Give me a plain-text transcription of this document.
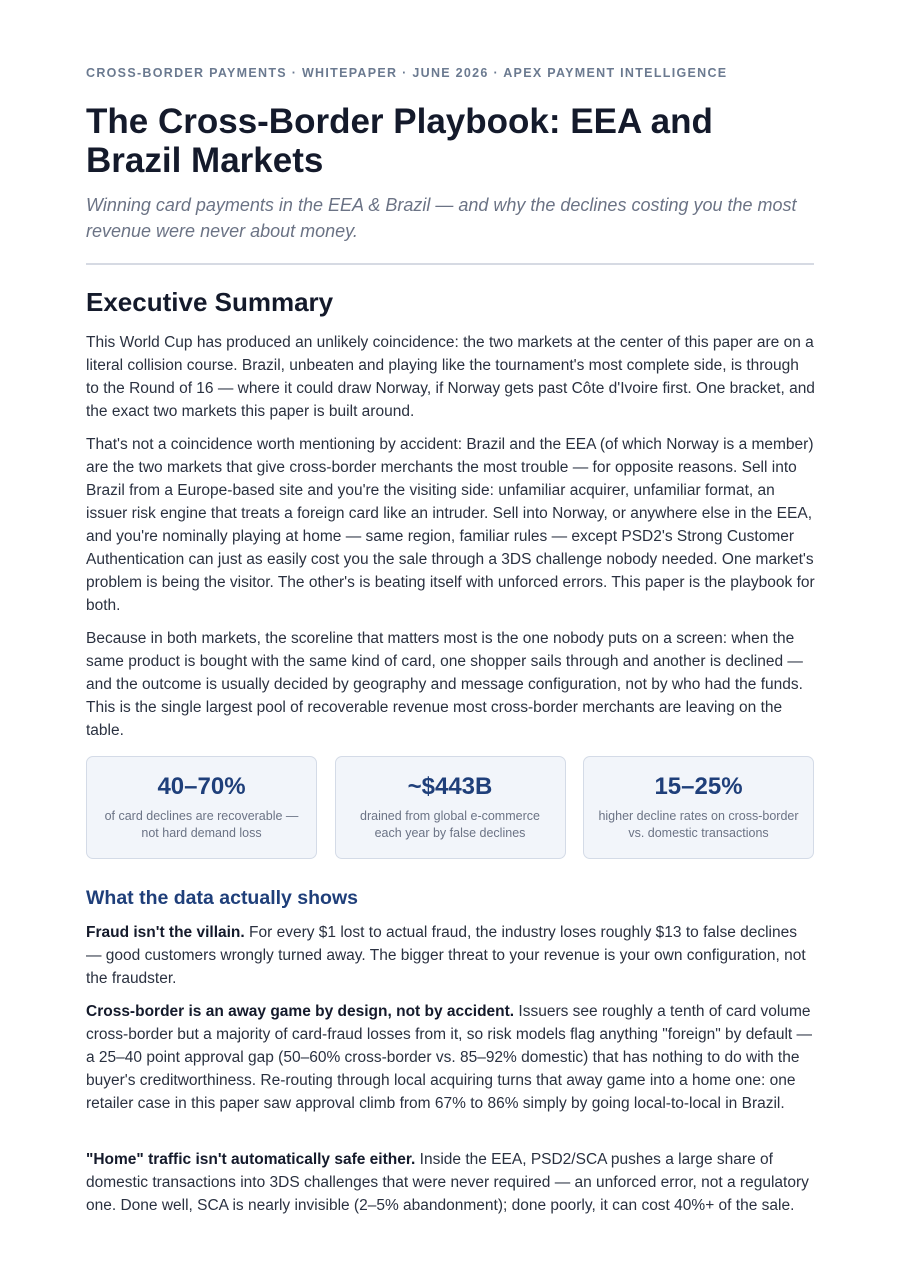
CROSS-BORDER PAYMENTS · WHITEPAPER · JUNE 2026 · APEX PAYMENT INTELLIGENCE
The Cross-Border Playbook: EEA and Brazil Markets

Winning card payments in the EEA & Brazil — and why the declines costing you the most revenue were never about money.

Executive Summary

This World Cup has produced an unlikely coincidence: the two markets at the center of this paper are on a literal collision course. Brazil, unbeaten and playing like the tournament's most complete side, is through to the Round of 16 — where it could draw Norway, if Norway gets past Côte d'Ivoire first. One bracket, and the exact two markets this paper is built around.

That's not a coincidence worth mentioning by accident: Brazil and the EEA (of which Norway is a member) are the two markets that give cross-border merchants the most trouble — for opposite reasons. Sell into Brazil from a Europe-based site and you're the visiting side: unfamiliar acquirer, unfamiliar format, an issuer risk engine that treats a foreign card like an intruder. Sell into Norway, or anywhere else in the EEA, and you're nominally playing at home — same region, familiar rules — except PSD2's Strong Customer Authentication can just as easily cost you the sale through a 3DS challenge nobody needed. One market's problem is being the visitor. The other's is beating itself with unforced errors. This paper is the playbook for both.

Because in both markets, the scoreline that matters most is the one nobody puts on a screen: when the same product is bought with the same kind of card, one shopper sails through and another is declined — and the outcome is usually decided by geography and message configuration, not by who had the funds. This is the single largest pool of recoverable revenue most cross-border merchants are leaving on the table.

40–70%
of card declines are recoverable — not hard demand loss
~$443B
drained from global e-commerce each year by false declines
15–25%
higher decline rates on cross-border vs. domestic transactions
What the data actually shows

Fraud isn't the villain. For every $1 lost to actual fraud, the industry loses roughly $13 to false declines — good customers wrongly turned away. The bigger threat to your revenue is your own configuration, not the fraudster.

Cross-border is an away game by design, not by accident. Issuers see roughly a tenth of card volume cross-border but a majority of card-fraud losses from it, so risk models flag anything "foreign" by default — a 25–40 point approval gap (50–60% cross-border vs. 85–92% domestic) that has nothing to do with the buyer's creditworthiness. Re-routing through local acquiring turns that away game into a home one: one retailer case in this paper saw approval climb from 67% to 86% simply by going local-to-local in Brazil.

"Home" traffic isn't automatically safe either. Inside the EEA, PSD2/SCA pushes a large share of domestic transactions into 3DS challenges that were never required — an unforced error, not a regulatory one. Done well, SCA is nearly invisible (2–5% abandonment); done poorly, it can cost 40%+ of the sale.
